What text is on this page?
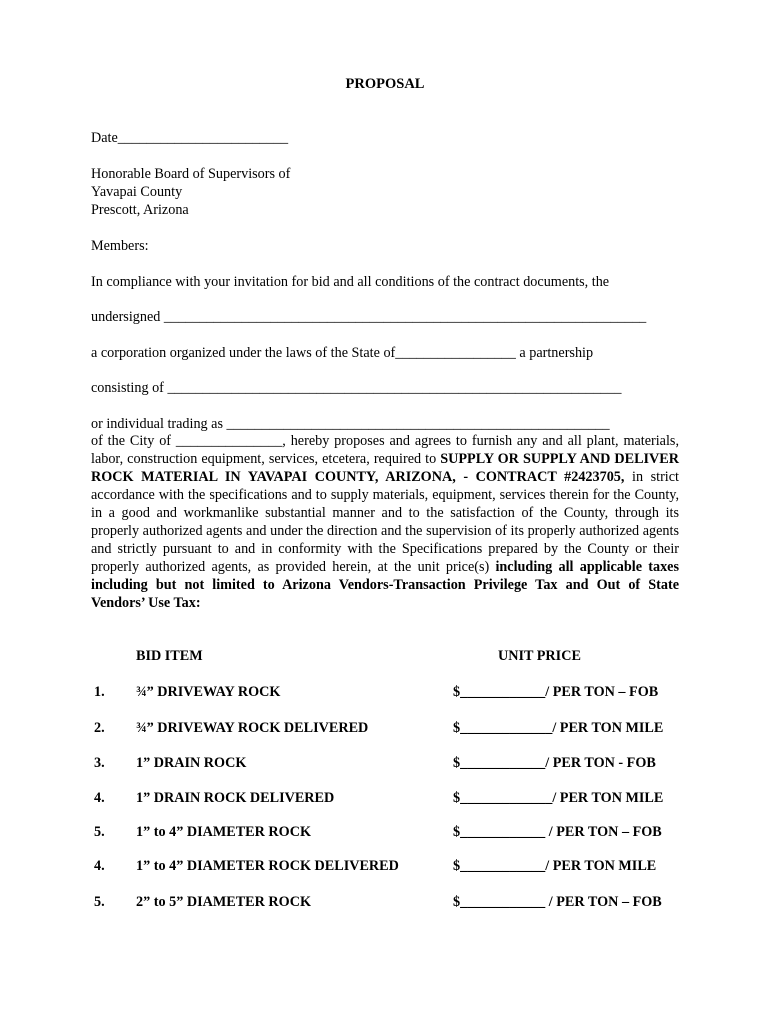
PROPOSAL
Date________________________
Honorable Board of Supervisors of
Yavapai County
Prescott, Arizona
Members:
In compliance with your invitation for bid and all conditions of the contract documents, the
undersigned ____________________________________________________________________
a corporation organized under the laws of the State of_________________ a partnership
consisting of ________________________________________________________________
or individual trading as ______________________________________________________
of the City of _______________, hereby proposes and agrees to furnish any and all plant, materials, labor, construction equipment, services, etcetera, required to SUPPLY OR SUPPLY AND DELIVER ROCK MATERIAL IN YAVAPAI COUNTY, ARIZONA, - CONTRACT #2423705, in strict accordance with the specifications and to supply materials, equipment, services therein for the County, in a good and workmanlike substantial manner and to the satisfaction of the County, through its properly authorized agents and under the direction and the supervision of its properly authorized agents and strictly pursuant to and in conformity with the Specifications prepared by the County or their properly authorized agents, as provided herein, at the unit price(s) including all applicable taxes including but not limited to Arizona Vendors-Transaction Privilege Tax and Out of State Vendors’ Use Tax:
BID ITEM	UNIT PRICE
1. ¾” DRIVEWAY ROCK	$____________/ PER TON – FOB
2. ¾” DRIVEWAY ROCK DELIVERED	$_____________/ PER TON MILE
3. 1” DRAIN ROCK	$____________/ PER TON - FOB
4. 1” DRAIN ROCK DELIVERED	$_____________/ PER TON MILE
5. 1” to 4” DIAMETER ROCK	$____________ / PER TON – FOB
4. 1” to 4” DIAMETER ROCK DELIVERED	$____________/ PER TON MILE
5. 2” to 5” DIAMETER ROCK	$____________ / PER TON – FOB
